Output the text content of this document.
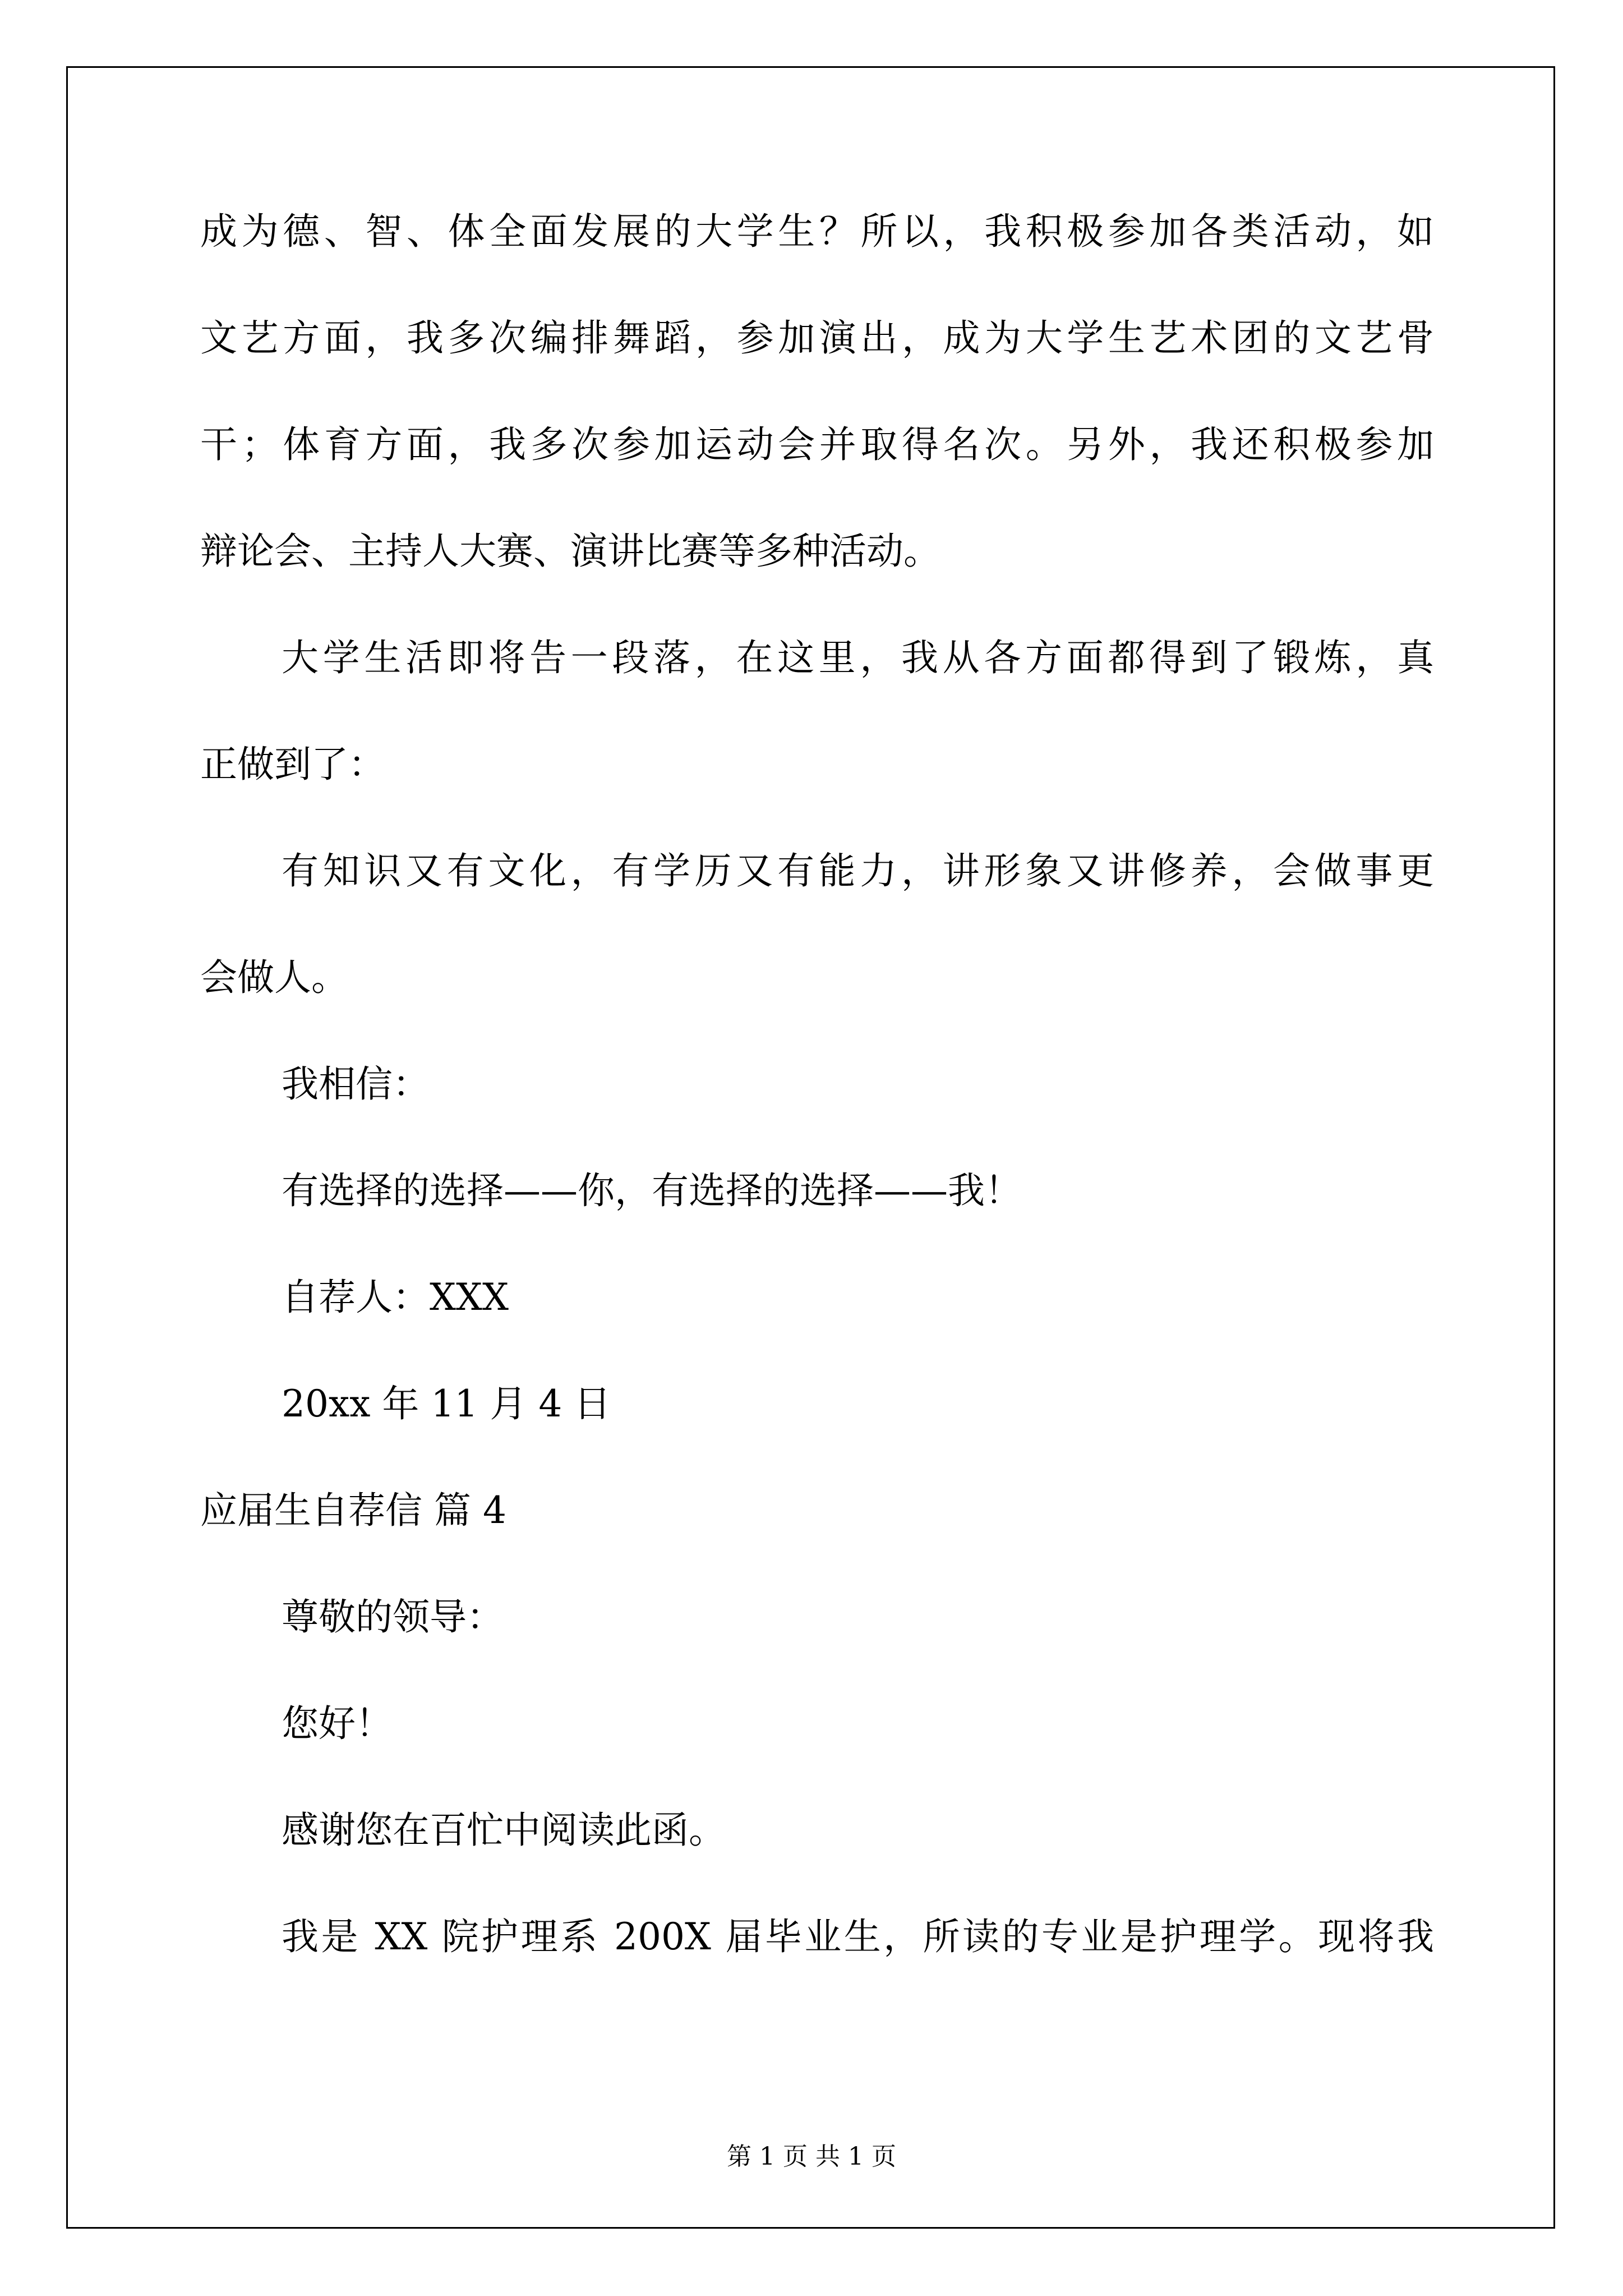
成为德、智、体全面发展的大学生？所以，我积极参加各类活动，如
文艺方面，我多次编排舞蹈，参加演出，成为大学生艺术团的文艺骨
干；体育方面，我多次参加运动会并取得名次。另外，我还积极参加
辩论会、主持人大赛、演讲比赛等多种活动。
大学生活即将告一段落，在这里，我从各方面都得到了锻炼，真
正做到了：
有知识又有文化，有学历又有能力，讲形象又讲修养，会做事更
会做人。
我相信：
有选择的选择——你，有选择的选择——我！
自荐人：XXX
20xx 年 11 月 4 日
应届生自荐信 篇 4
尊敬的领导：
您好！
感谢您在百忙中阅读此函。
我是 XX 院护理系 200X 届毕业生，所读的专业是护理学。现将我
第 1 页 共 1 页
